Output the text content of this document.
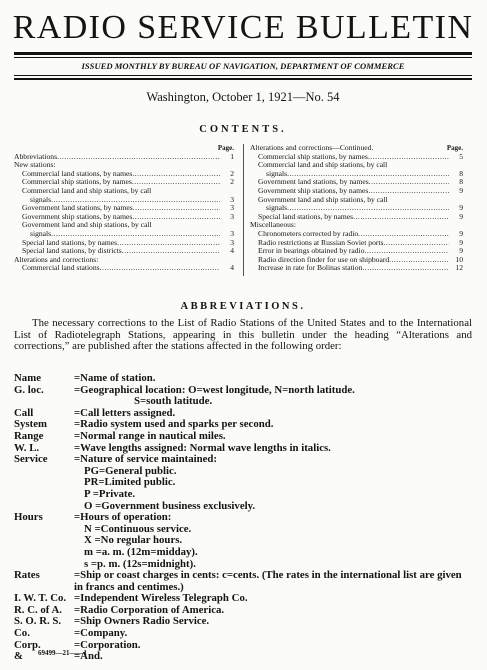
RADIO SERVICE BULLETIN
ISSUED MONTHLY BY BUREAU OF NAVIGATION, DEPARTMENT OF COMMERCE
Washington, October 1, 1921—No. 54
CONTENTS.
Page.
Abbreviations .....	1
New stations:
Commercial land stations, by names .....	2
Commercial ship stations, by names .....	2
Commercial land and ship stations, by call
signals .....	3
Government land stations, by names .....	3
Government ship stations, by names .....	3
Government land and ship stations, by call
signals .....	3
Special land stations, by names .....	3
Special land stations, by districts .....	4
Alterations and corrections:
Commercial land stations .....	4
Alterations and corrections—Continued.	Page.
Commercial ship stations, by names .....	5
Commercial land and ship stations, by call
signals .....	8
Government land stations, by names .....	8
Government ship stations, by names .....	9
Government land and ship stations, by call
signals .....	9
Special land stations, by names .....	9
Miscellaneous:
Chronometers corrected by radio .....	9
Radio restrictions at Russian Soviet ports .....	9
Error in bearings obtained by radio .....	9
Radio direction finder for use on shipboard .....	10
Increase in rate for Bolinas station .....	12
ABBREVIATIONS.

The necessary corrections to the List of Radio Stations of the United States and to the International List of Radiotelegraph Stations, appearing in this bulletin under the heading “Alterations and corrections,” are published after the stations affected in the following order:

Name	=Name of station.
G. loc.	=Geographical location: O=west longitude, N=north latitude.
S=south latitude.
Call	=Call letters assigned.
System	=Radio system used and sparks per second.
Range	=Normal range in nautical miles.
W. L.	=Wave lengths assigned: Normal wave lengths in italics.
Service	=Nature of service maintained:
PG=General public.
PR=Limited public.
P =Private.
O =Government business exclusively.
Hours	=Hours of operation:
N =Continuous service.
X =No regular hours.
m =a. m. (12m=midday).
s =p. m. (12s=midnight).
Rates	=Ship or coast charges in cents: c=cents. (The rates in the international list are given in francs and centimes.)
I. W. T. Co. =Independent Wireless Telegraph Co.
R. C. of A.	=Radio Corporation of America.
S. O. R. S.	=Ship Owners Radio Service.
Co.	=Company.
Corp.	=Corporation.
&	=And.
69499—21——1
